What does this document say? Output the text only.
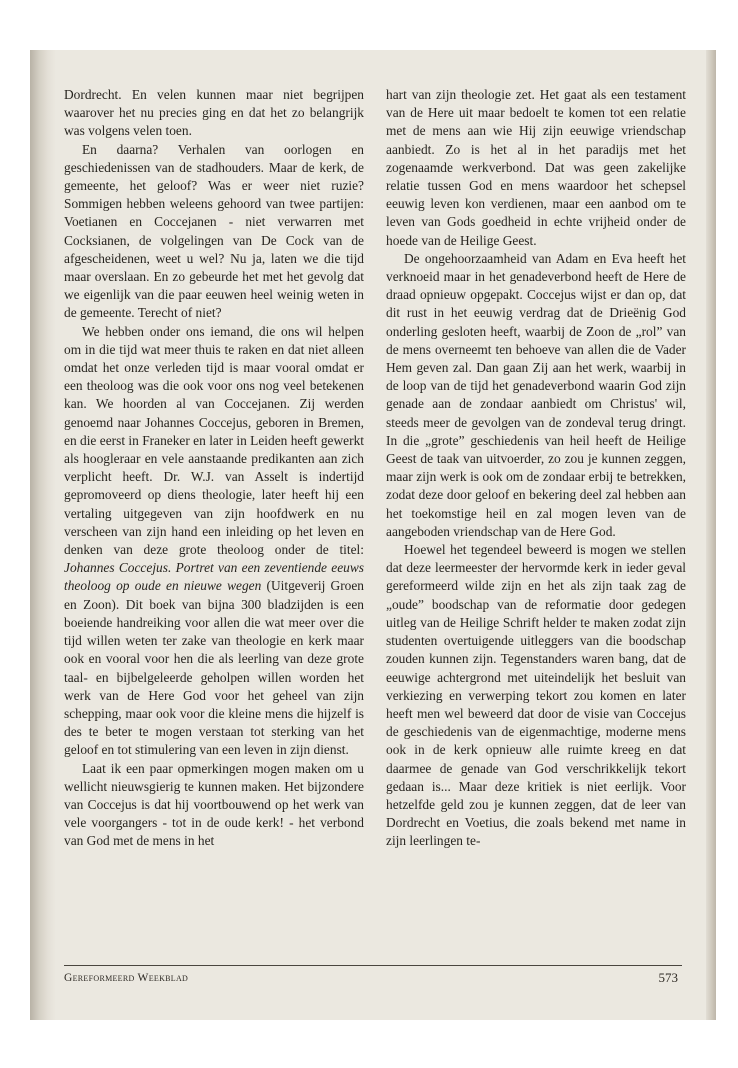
Dordrecht. En velen kunnen maar niet begrijpen waarover het nu precies ging en dat het zo belangrijk was volgens velen toen.

En daarna? Verhalen van oorlogen en geschiedenissen van de stadhouders. Maar de kerk, de gemeente, het geloof? Was er weer niet ruzie? Sommigen hebben weleens gehoord van twee partijen: Voetianen en Coccejanen - niet verwarren met Cocksianen, de volgelingen van De Cock van de afgescheidenen, weet u wel? Nu ja, laten we die tijd maar overslaan. En zo gebeurde het met het gevolg dat we eigenlijk van die paar eeuwen heel weinig weten in de gemeente. Terecht of niet?

We hebben onder ons iemand, die ons wil helpen om in die tijd wat meer thuis te raken en dat niet alleen omdat het onze verleden tijd is maar vooral omdat er een theoloog was die ook voor ons nog veel betekenen kan. We hoorden al van Coccejanen. Zij werden genoemd naar Johannes Coccejus, geboren in Bremen, en die eerst in Franeker en later in Leiden heeft gewerkt als hoogleraar en vele aanstaande predikanten aan zich verplicht heeft. Dr. W.J. van Asselt is indertijd gepromoveerd op diens theologie, later heeft hij een vertaling uitgegeven van zijn hoofdwerk en nu verscheen van zijn hand een inleiding op het leven en denken van deze grote theoloog onder de titel: Johannes Coccejus. Portret van een zeventiende eeuws theoloog op oude en nieuwe wegen (Uitgeverij Groen en Zoon). Dit boek van bijna 300 bladzijden is een boeiende handreiking voor allen die wat meer over die tijd willen weten ter zake van theologie en kerk maar ook en vooral voor hen die als leerling van deze grote taal- en bijbelgeleerde geholpen willen worden het werk van de Here God voor het geheel van zijn schepping, maar ook voor die kleine mens die hijzelf is des te beter te mogen verstaan tot sterking van het geloof en tot stimulering van een leven in zijn dienst.

Laat ik een paar opmerkingen mogen maken om u wellicht nieuwsgierig te kunnen maken. Het bijzondere van Coccejus is dat hij voortbouwend op het werk van vele voorgangers - tot in de oude kerk! - het verbond van God met de mens in het

hart van zijn theologie zet. Het gaat als een testament van de Here uit maar bedoelt te komen tot een relatie met de mens aan wie Hij zijn eeuwige vriendschap aanbiedt. Zo is het al in het paradijs met het zogenaamde werkverbond. Dat was geen zakelijke relatie tussen God en mens waardoor het schepsel eeuwig leven kon verdienen, maar een aanbod om te leven van Gods goedheid in echte vrijheid onder de hoede van de Heilige Geest.

De ongehoorzaamheid van Adam en Eva heeft het verknoeid maar in het genadeverbond heeft de Here de draad opnieuw opgepakt. Coccejus wijst er dan op, dat dit rust in het eeuwig verdrag dat de Drieënig God onderling gesloten heeft, waarbij de Zoon de „rol” van de mens overneemt ten behoeve van allen die de Vader Hem geven zal. Dan gaan Zij aan het werk, waarbij in de loop van de tijd het genadeverbond waarin God zijn genade aan de zondaar aanbiedt om Christus' wil, steeds meer de gevolgen van de zondeval terug dringt. In die „grote” geschiedenis van heil heeft de Heilige Geest de taak van uitvoerder, zo zou je kunnen zeggen, maar zijn werk is ook om de zondaar erbij te betrekken, zodat deze door geloof en bekering deel zal hebben aan het toekomstige heil en zal mogen leven van de aangeboden vriendschap van de Here God.

Hoewel het tegendeel beweerd is mogen we stellen dat deze leermeester der hervormde kerk in ieder geval gereformeerd wilde zijn en het als zijn taak zag de „oude” boodschap van de reformatie door gedegen uitleg van de Heilige Schrift helder te maken zodat zijn studenten overtuigende uitleggers van die boodschap zouden kunnen zijn. Tegenstanders waren bang, dat de eeuwige achtergrond met uiteindelijk het besluit van verkiezing en verwerping tekort zou komen en later heeft men wel beweerd dat door de visie van Coccejus de geschiedenis van de eigenmachtige, moderne mens ook in de kerk opnieuw alle ruimte kreeg en dat daarmee de genade van God verschrikkelijk tekort gedaan is... Maar deze kritiek is niet eerlijk. Voor hetzelfde geld zou je kunnen zeggen, dat de leer van Dordrecht en Voetius, die zoals bekend met name in zijn leerlingen te-

Gereformeerd Weekblad	573
